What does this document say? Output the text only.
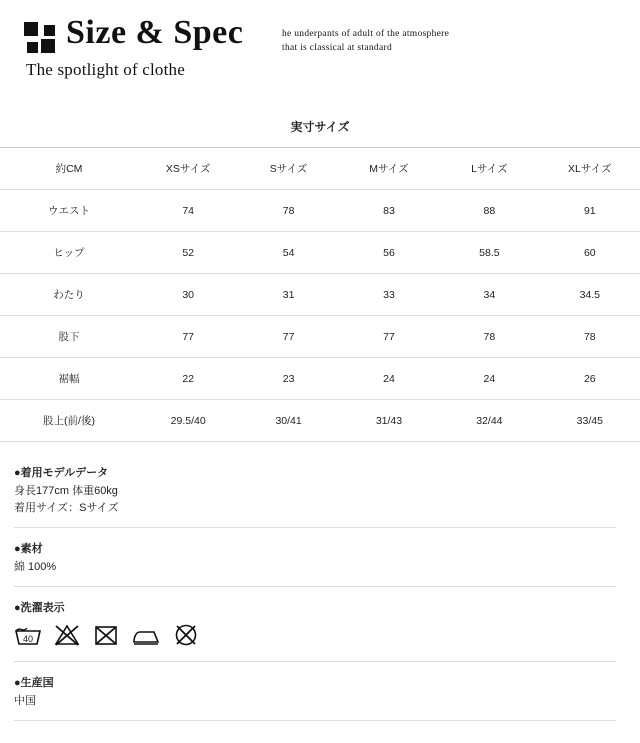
Size & Spec
The spotlight of clothe
he underpants of adult of the atmosphere
that is classical at standard
実寸サイズ
約CM	XSサイズ	Sサイズ	Mサイズ	Lサイズ	XLサイズ
ウエスト	74	78	83	88	91
ヒップ	52	54	56	58.5	60
わたり	30	31	33	34	34.5
股下	77	77	77	78	78
裾幅	22	23	24	24	26
股上(前/後)	29.5/40	30/41	31/43	32/44	33/45
●着用モデルデータ
身長177cm 体重60kg
着用サイズ：Sサイズ
●素材
綿 100%
●洗濯表示
40
●生産国
中国
